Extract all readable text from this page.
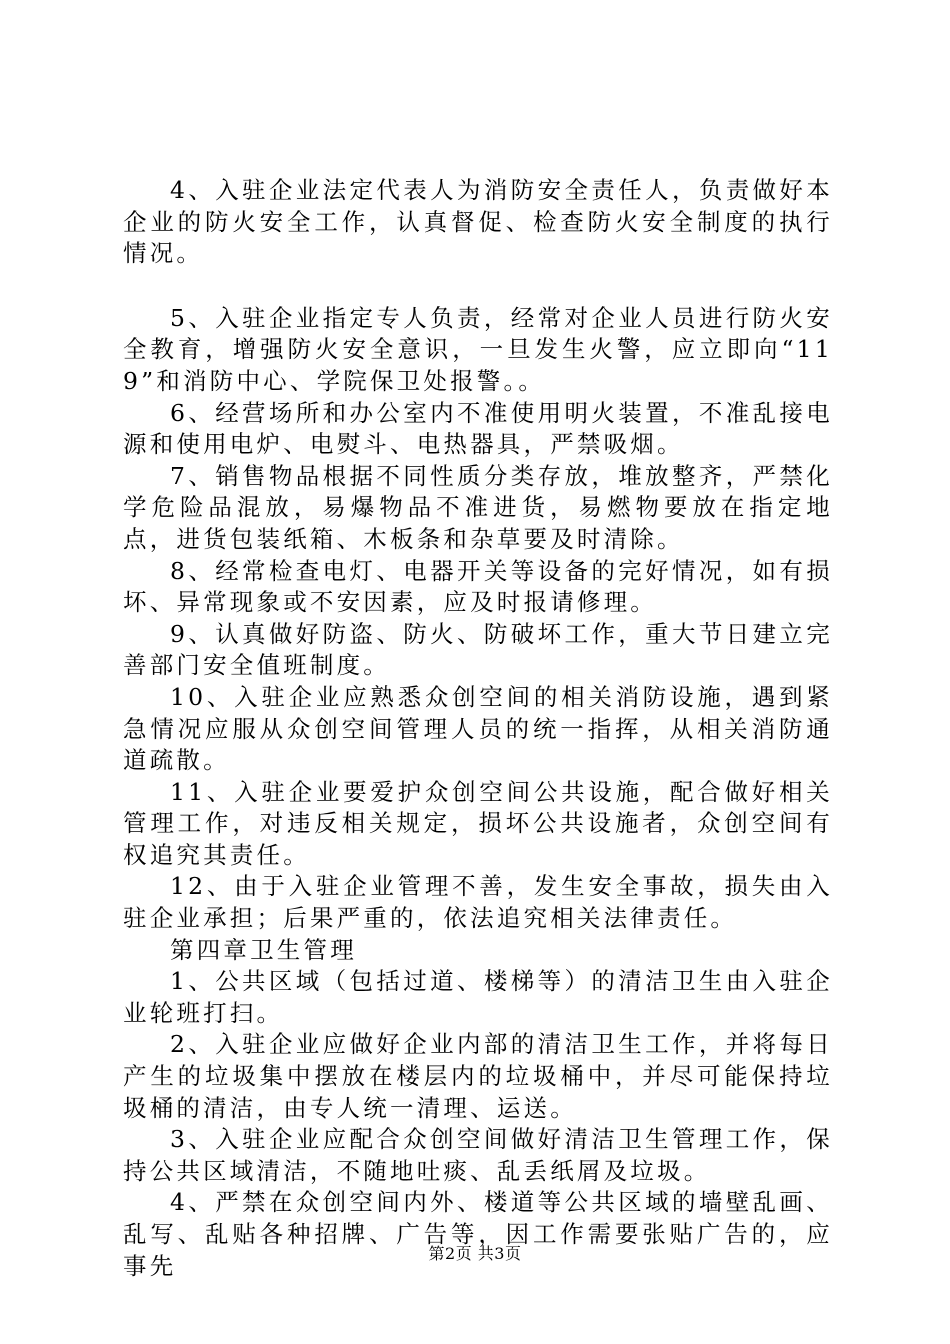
4、入驻企业法定代表人为消防安全责任人，负责做好本企业的防火安全工作，认真督促、检查防火安全制度的执行情况。

5、入驻企业指定专人负责，经常对企业人员进行防火安全教育，增强防火安全意识，一旦发生火警，应立即向“119”和消防中心、学院保卫处报警。。

6、经营场所和办公室内不准使用明火装置，不准乱接电源和使用电炉、电熨斗、电热器具，严禁吸烟。

7、销售物品根据不同性质分类存放，堆放整齐，严禁化学危险品混放，易爆物品不准进货，易燃物要放在指定地点，进货包装纸箱、木板条和杂草要及时清除。

8、经常检查电灯、电器开关等设备的完好情况，如有损坏、异常现象或不安因素，应及时报请修理。

9、认真做好防盗、防火、防破坏工作，重大节日建立完善部门安全值班制度。

10、入驻企业应熟悉众创空间的相关消防设施，遇到紧急情况应服从众创空间管理人员的统一指挥，从相关消防通道疏散。

11、入驻企业要爱护众创空间公共设施，配合做好相关管理工作，对违反相关规定，损坏公共设施者，众创空间有权追究其责任。

12、由于入驻企业管理不善，发生安全事故，损失由入驻企业承担；后果严重的，依法追究相关法律责任。

第四章卫生管理

1、公共区域（包括过道、楼梯等）的清洁卫生由入驻企业轮班打扫。

2、入驻企业应做好企业内部的清洁卫生工作，并将每日产生的垃圾集中摆放在楼层内的垃圾桶中，并尽可能保持垃圾桶的清洁，由专人统一清理、运送。

3、入驻企业应配合众创空间做好清洁卫生管理工作，保持公共区域清洁，不随地吐痰、乱丢纸屑及垃圾。

4、严禁在众创空间内外、楼道等公共区域的墙壁乱画、乱写、乱贴各种招牌、广告等，因工作需要张贴广告的，应事先	第2页 共3页
